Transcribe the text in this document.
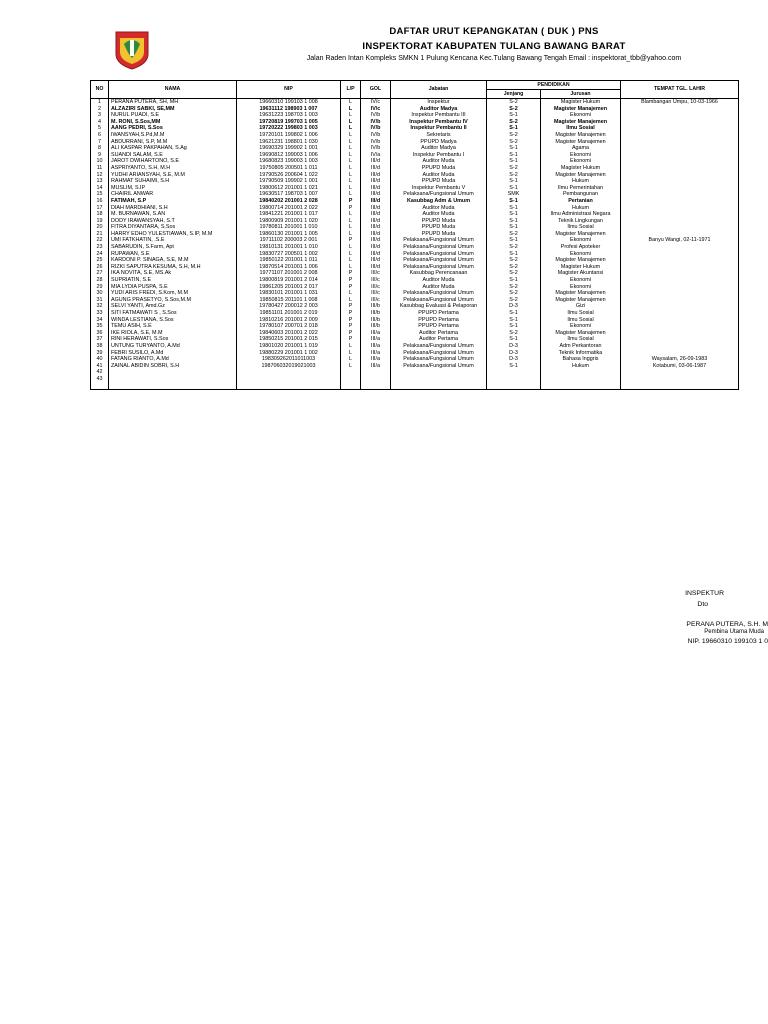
DAFTAR URUT KEPANGKATAN ( DUK ) PNS
INSPEKTORAT KABUPATEN TULANG BAWANG BARAT
Jalan Raden Intan Kompleks SMKN 1 Pulung Kencana Kec.Tulang Bawang Tengah Email : inspektorat_tbb@yahoo.com
NO	NAMA	NIP	L/P	GOL	Jabatan	PENDIDIKAN		TEMPAT TGL. LAHIR
						Jenjang	Jurusan	
1	PERANA PUTERA, SH, MH	19660310 199103 1 008	L	IV/c	Inspektur	S-2	Magister Hukum	Blambangan Umpu, 10-03-1966
2	ALZAZIRI SABKI, SE,MM	19631112 198903 1 007	L	IV/c	Auditor Madya	S-2	Magister Manajemen	
3	NURUL PUADI, S.E	19631223 198703 1 003	L	IV/b	Inspektur Pembantu III	S-1	Ekonomi	
4	M. RONI, S.Sos,MM	19720819 199703 1 005	L	IV/b	Inspektur Pembantu IV	S-2	Magister Manajemen	
5	AANG PEDRI, S.Sos	19720222 199803 1 003	L	IV/b	Inspektur Pembantu II	S-1	Ilmu Sosial	
6	IWANSYAH,S.Pd,M.M	19720101 199802 1 006	L	IV/b	Sekretaris	S-2	Magister Manajemen	
7	ABDURRANI, S.P, M.M	19621231 198801 1 030	L	IV/b	PPUPD Madya	S-2	Magister Manajemen	
8	ALI KASPAR PAKPAHAN, S.Ag	19690329 199902 1 001	L	IV/b	Auditor Madya	S-1	Agama	
9	SUANDI SALAM, S.E	19690812 199003 1 006	L	IV/a	Inspektur Pembantu I	S-1	Ekonomi	
10	JAROT DWIHARTONO, S.E	19680823 199003 1 003	L	III/d	Auditor Muda	S-1	Ekonomi	
11	ASPRIYANTO, S.H, M.H	19750805 200501 1 011	L	III/d	PPUPD Muda	S-2	Magister Hukum	
12	YUDHI ARIANSYAH, S.E, M.M	19790526 200604 1 022	L	III/d	Auditor Muda	S-2	Magister Manajemen	
13	RAHMAT SUHAIMI, S.H	19790509 199902 1 001	L	III/d	PPUPD Muda	S-1	Hukum	
14	MUSLIM, S.IP	19800612 201001 1 021	L	III/d	Inspektur Pembantu V	S-1	Ilmu Pemerintahan	
15	CHAIRIL ANWAR	19630517 198703 1 007	L	III/d	Pelaksana/Fungsional Umum	SMK	Pembangunan	
16	FATIMAH, S.P	19840202 201001 2 028	P	III/d	Kasubbag Adm & Umum	S-1	Pertanian	
17	DIAH MARDHIANI, S.H	19800714 201001 2 022	P	III/d	Auditor Muda	S-1	Hukum	
18	M. BURNAWAN, S.AN	19841221 201001 1 017	L	III/d	Auditor Muda	S-1	Ilmu Administrasi Negara	
19	DODY IRAWANSYAH, S.T	19800909 201001 1 020	L	III/d	PPUPD Muda	S-1	Teknik Lingkungan	
20	FITRA DIYANTARA, S.Sos	19780811 201001 1 010	L	III/d	PPUPD Muda	S-1	Ilmu Sosial	
21	HARRY EDHO YULESTIAWAN, S.IP, M.M	19860130 201001 1 005	L	III/d	PPUPD Muda	S-2	Magister Manajemen	
22	UMI FATKHATIN, .S.E	19711102 200003 2 001	P	III/d	Pelaksana/Fungsional Umum	S-1	Ekonomi	Banyu Wangi, 02-11-1971
23	SABARUDIN, S.Farm, Apt	19810131 201001 1 010	L	III/d	Pelaksana/Fungsional Umum	S-2	Profesi Apoteker	
24	RUPAWAN, S.E	19830727 200501 1 002	L	III/d	Pelaksana/Fungsional Umum	S-1	Ekonomi	
25	KARDONI P. SINAGA, S.E, M.M	19850122 201001 1 011	L	III/d	Pelaksana/Fungsional Umum	S-2	Magister Manajemen	
26	RIZKI SAPUTRA KESUMA, S.H, M.H	19870514 201001 1 006	L	III/d	Pelaksana/Fungsional Umum	S-2	Magister Hukum	
27	IKA NOVITA, S.E, MS.Ak	19771107 201001 2 008	P	III/c	Kasubbag Perencanaan	S-2	Magister Akuntansi	
28	SUPRIATIN, S.E	19800819 201001 2 014	P	III/c	Auditor Muda	S-1	Ekonomi	
29	MIA LYDIA PUSPA, S.E	19861205 201001 2 017	P	III/c	Auditor Muda	S-2	Ekonomi	
30	YUDI ARIS FREDI, S.Kom, M.M	19830101 201001 1 031	L	III/c	Pelaksana/Fungsional Umum	S-2	Magister Manajemen	
31	AGUNG PRASETYO, S.Sos,M.M	19850815 201101 1 008	L	III/c	Pelaksana/Fungsional Umum	S-2	Magister Manajemen	
32	SELVI YANTI, Amd.Gz	19780427 200012 2 003	P	III/b	Kasubbag Evaluasi & Pelaporan	D-3	Gizi	
33	SITI FATMAWATI S , S.Sos	19851101 201001 2 019	P	III/b	PPUPD Pertama	S-1	Ilmu Sosial	
34	WINDA LESTIANA, S.Sos	19810216 201001 2 009	P	III/b	PPUPD Pertama	S-1	Ilmu Sosial	
35	TEMU ASIH, S.E	19780107 200701 2 018	P	III/b	PPUPD Pertama	S-1	Ekonomi	
36	IKE RIOLA, S.E, M.M	19840603 201001 2 022	P	III/a	Auditor Pertama	S-2	Magister Manajemen	
37	RINI HERAWATI, S.Sos	19850215 201001 2 015	P	III/a	Auditor Pertama	S-1	Ilmu Sosial	
38	UNTUNG TURYANTO, A.Md	19801020 201001 1 019	L	III/a	Pelaksana/Fungsional Umum	D-3	Adm Perkantoran	
39	FEBRI SUSILO, A.Md	19880229 201001 1 002	L	III/a	Pelaksana/Fungsional Umum	D-3	Teknik Informatika	
40	FATANG RIANTO, A.Md	198309262011011003	L	III/a	Pelaksana/Fungsional Umum	D-3	Bahasa Inggris	Waysalam, 26-09-1983
41	ZAINAL ABIDIN SOBRI, S.H	198706032019021003	L	III/a	Pelaksana/Fungsional Umum	S-1	Hukum	Kotabumi, 03-06-1987
42								
43								

INSPEKTUR
Dto
PERANA PUTERA, S.H. M
Pembina Utama Muda
NIP. 19660310 199103 1 0
